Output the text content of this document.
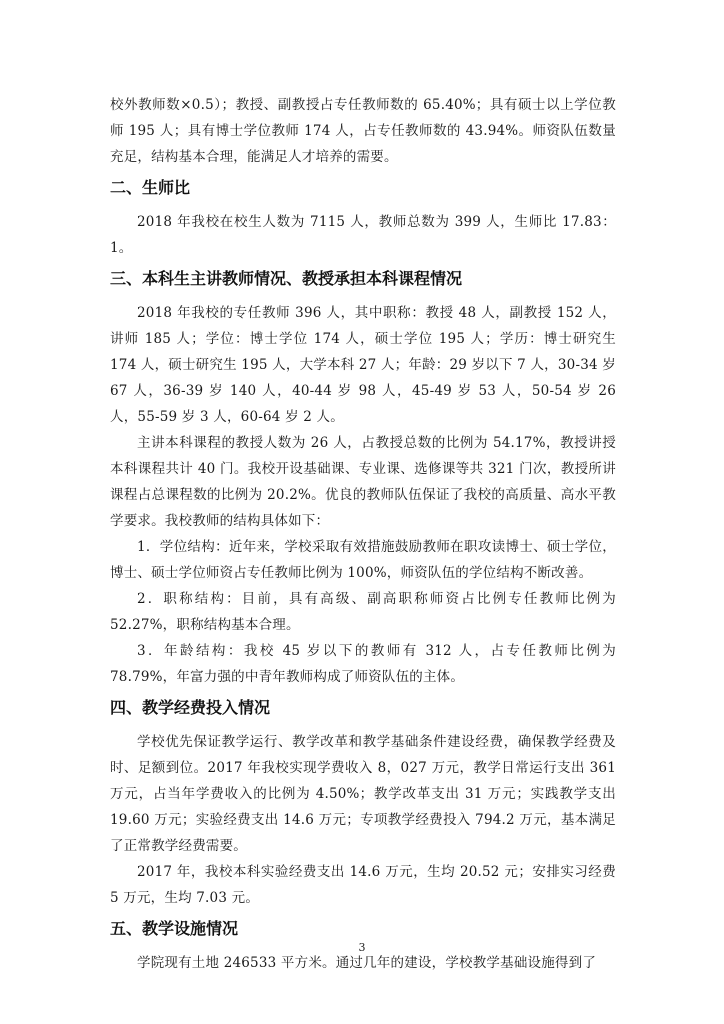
校外教师数×0.5）；教授、副教授占专任教师数的 65.40%；具有硕士以上学位教师 195 人；具有博士学位教师 174 人，占专任教师数的 43.94%。师资队伍数量充足，结构基本合理，能满足人才培养的需要。

二、生师比

2018 年我校在校生人数为 7115 人，教师总数为 399 人，生师比 17.83：1。

三、本科生主讲教师情况、教授承担本科课程情况

2018 年我校的专任教师 396 人，其中职称：教授 48 人，副教授 152 人，讲师 185 人；学位：博士学位 174 人，硕士学位 195 人；学历：博士研究生 174 人，硕士研究生 195 人，大学本科 27 人；年龄：29 岁以下 7 人，30-34 岁 67 人，36-39 岁 140 人，40-44 岁 98 人，45-49 岁 53 人，50-54 岁 26 人，55-59 岁 3 人，60-64 岁 2 人。

主讲本科课程的教授人数为 26 人，占教授总数的比例为 54.17%，教授讲授本科课程共计 40 门。我校开设基础课、专业课、选修课等共 321 门次，教授所讲课程占总课程数的比例为 20.2%。优良的教师队伍保证了我校的高质量、高水平教学要求。我校教师的结构具体如下：

1．学位结构：近年来，学校采取有效措施鼓励教师在职攻读博士、硕士学位，博士、硕士学位师资占专任教师比例为 100%，师资队伍的学位结构不断改善。

2．职称结构：目前，具有高级、副高职称师资占比例专任教师比例为 52.27%，职称结构基本合理。

3．年龄结构：我校 45 岁以下的教师有 312 人，占专任教师比例为 78.79%，年富力强的中青年教师构成了师资队伍的主体。

四、教学经费投入情况

学校优先保证教学运行、教学改革和教学基础条件建设经费，确保教学经费及时、足额到位。2017 年我校实现学费收入 8，027 万元，教学日常运行支出 361 万元，占当年学费收入的比例为 4.50%；教学改革支出 31 万元；实践教学支出 19.60 万元；实验经费支出 14.6 万元；专项教学经费投入 794.2 万元，基本满足了正常教学经费需要。

2017 年，我校本科实验经费支出 14.6 万元，生均 20.52 元；安排实习经费 5 万元，生均 7.03 元。

五、教学设施情况

学院现有土地 246533 平方米。通过几年的建设，学校教学基础设施得到了

3
